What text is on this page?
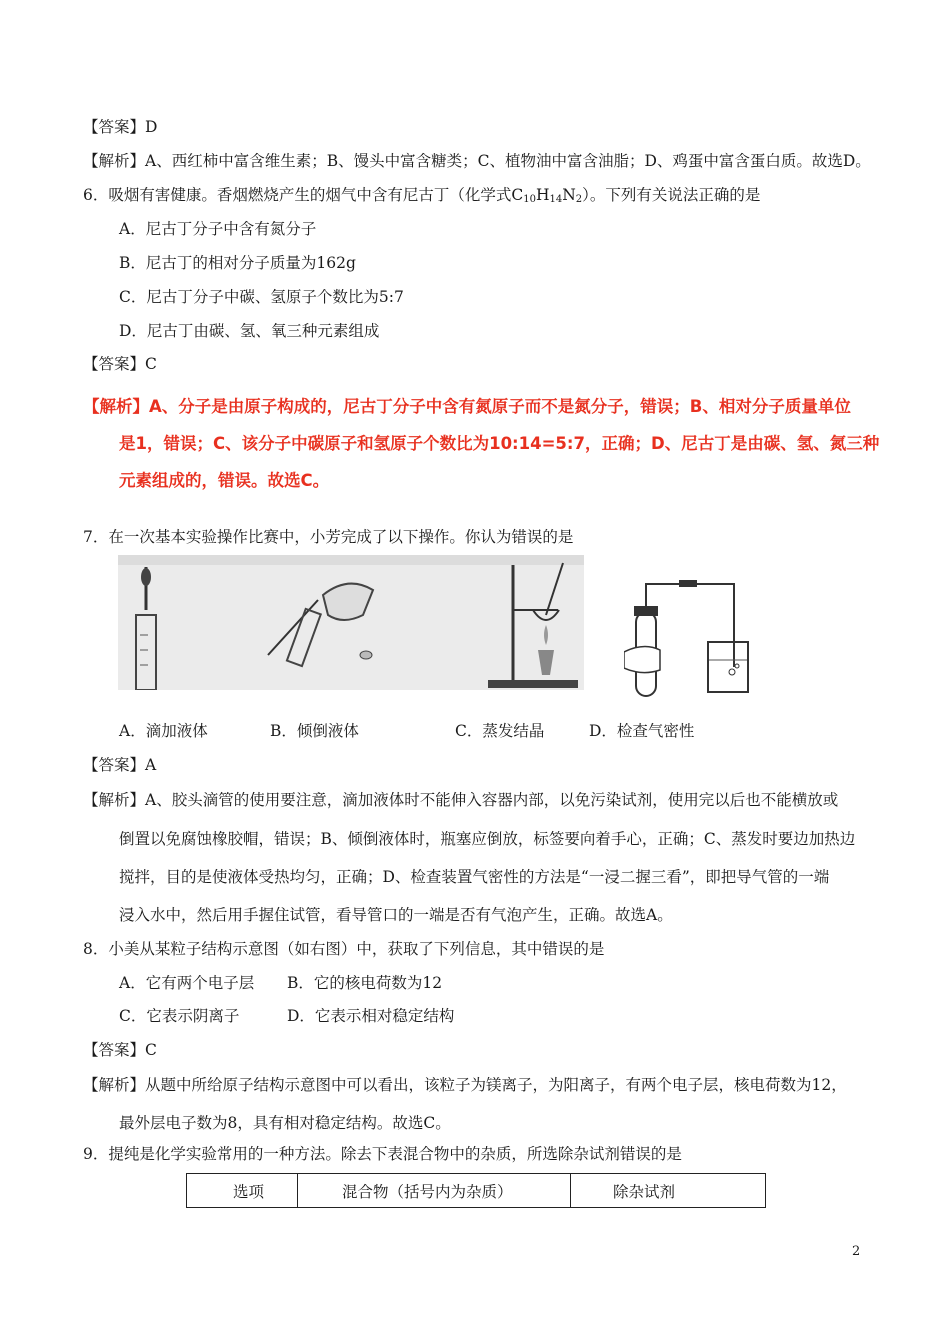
【答案】D
【解析】A、西红柿中富含维生素；B、馒头中富含糖类；C、植物油中富含油脂；D、鸡蛋中富含蛋白质。故选D。
6．吸烟有害健康。香烟燃烧产生的烟气中含有尼古丁（化学式$C_{10}H_{14}N_2$）。下列有关说法正确的是
A．尼古丁分子中含有氮分子
B．尼古丁的相对分子质量为162g
C．尼古丁分子中碳、氢原子个数比为5:7
D．尼古丁由碳、氢、氧三种元素组成
【答案】C
【解析】A、分子是由原子构成的，尼古丁分子中含有氮原子而不是氮分子，错误；B、相对分子质量单位
是1，错误；C、该分子中碳原子和氢原子个数比为10:14=5:7，正确；D、尼古丁是由碳、氢、氮三种
元素组成的，错误。故选C。
7．在一次基本实验操作比赛中，小芳完成了以下操作。你认为错误的是
A．滴加液体	B．倾倒液体	C．蒸发结晶	D．检查气密性
【答案】A
【解析】A、胶头滴管的使用要注意，滴加液体时不能伸入容器内部，以免污染试剂，使用完以后也不能横放或
倒置以免腐蚀橡胶帽，错误；B、倾倒液体时，瓶塞应倒放，标签要向着手心，正确；C、蒸发时要边加热边
搅拌，目的是使液体受热均匀，正确；D、检查装置气密性的方法是“一浸二握三看”，即把导气管的一端
浸入水中，然后用手握住试管，看导管口的一端是否有气泡产生，正确。故选A。
8．小美从某粒子结构示意图（如右图）中，获取了下列信息，其中错误的是
A．它有两个电子层 B．它的核电荷数为12
C．它表示阴离子	D．它表示相对稳定结构
【答案】C
【解析】从题中所给原子结构示意图中可以看出，该粒子为镁离子，为阳离子，有两个电子层，核电荷数为12，
最外层电子数为8，具有相对稳定结构。故选C。
9．提纯是化学实验常用的一种方法。除去下表混合物中的杂质，所选除杂试剂错误的是
选项	混合物（括号内为杂质）	除杂试剂
2
